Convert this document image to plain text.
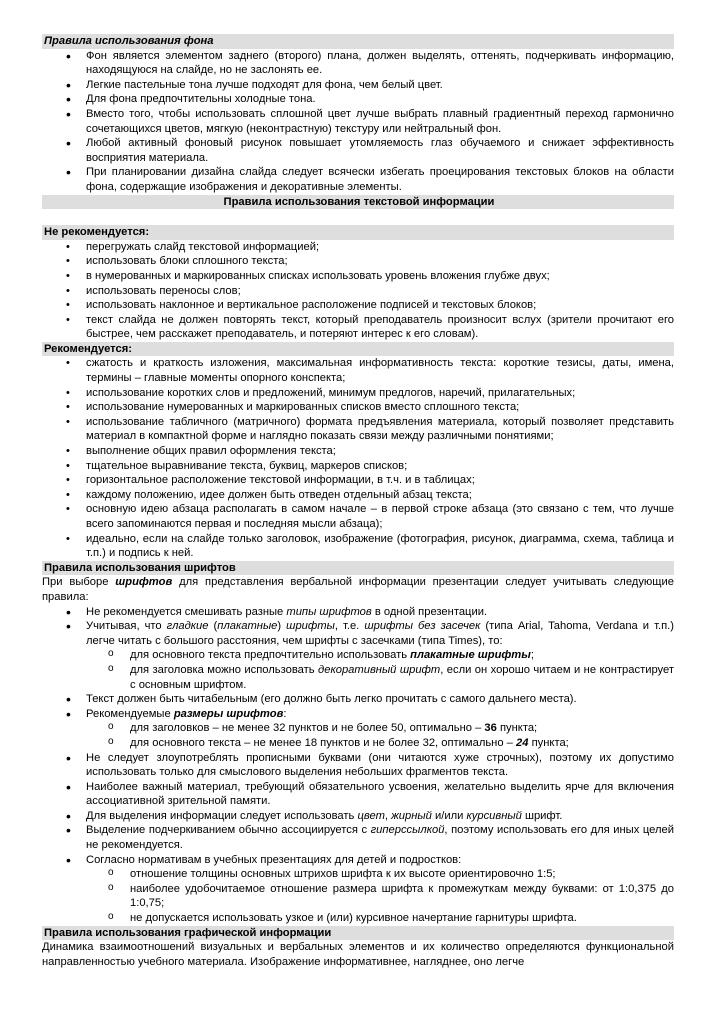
Правила использования фона
• Фон является элементом заднего (второго) плана, должен выделять, оттенять, подчеркивать информацию, находящуюся на слайде, но не заслонять ее.
• Легкие пастельные тона лучше подходят для фона, чем белый цвет.
• Для фона предпочтительны холодные тона.
• Вместо того, чтобы использовать сплошной цвет лучше выбрать плавный градиентный переход гармонично сочетающихся цветов, мягкую (неконтрастную) текстуру или нейтральный фон.
• Любой активный фоновый рисунок повышает утомляемость глаз обучаемого и снижает эффективность восприятия материала.
• При планировании дизайна слайда следует всячески избегать проецирования текстовых блоков на области фона, содержащие изображения и декоративные элементы.
Правила использования текстовой информации
Не рекомендуется:
• перегружать слайд текстовой информацией;
• использовать блоки сплошного текста;
• в нумерованных и маркированных списках использовать уровень вложения глубже двух;
• использовать переносы слов;
• использовать наклонное и вертикальное расположение подписей и текстовых блоков;
• текст слайда не должен повторять текст, который преподаватель произносит вслух (зрители прочитают его быстрее, чем расскажет преподаватель, и потеряют интерес к его словам).
Рекомендуется:
• сжатость и краткость изложения, максимальная информативность текста: короткие тезисы, даты, имена, термины – главные моменты опорного конспекта;
• использование коротких слов и предложений, минимум предлогов, наречий, прилагательных;
• использование нумерованных и маркированных списков вместо сплошного текста;
• использование табличного (матричного) формата предъявления материала, который позволяет представить материал в компактной форме и наглядно показать связи между различными понятиями;
• выполнение общих правил оформления текста;
• тщательное выравнивание текста, буквиц, маркеров списков;
• горизонтальное расположение текстовой информации, в т.ч. и в таблицах;
• каждому положению, идее должен быть отведен отдельный абзац текста;
• основную идею абзаца располагать в самом начале – в первой строке абзаца (это связано с тем, что лучше всего запоминаются первая и последняя мысли абзаца);
• идеально, если на слайде только заголовок, изображение (фотография, рисунок, диаграмма, схема, таблица и т.п.) и подпись к ней.
Правила использования шрифтов

При выборе шрифтов для представления вербальной информации презентации следует учитывать следующие правила:

• Не рекомендуется смешивать разные типы шрифтов в одной презентации.
• Учитывая, что гладкие (плакатные) шрифты, т.е. шрифты без засечек (типа Arial, Tahoma, Verdana и т.п.) легче читать с большого расстояния, чем шрифты с засечками (типа Times), то:
o для основного текста предпочтительно использовать плакатные шрифты;
o для заголовка можно использовать декоративный шрифт, если он хорошо читаем и не контрастирует с основным шрифтом.
• Текст должен быть читабельным (его должно быть легко прочитать с самого дальнего места).
• Рекомендуемые размеры шрифтов:
o для заголовков – не менее 32 пунктов и не более 50, оптимально – 36 пункта;
o для основного текста – не менее 18 пунктов и не более 32, оптимально – 24 пункта;
• Не следует злоупотреблять прописными буквами (они читаются хуже строчных), поэтому их допустимо использовать только для смыслового выделения небольших фрагментов текста.
• Наиболее важный материал, требующий обязательного усвоения, желательно выделить ярче для включения ассоциативной зрительной памяти.
• Для выделения информации следует использовать цвет, жирный и/или курсивный шрифт.
• Выделение подчеркиванием обычно ассоциируется с гиперссылкой, поэтому использовать его для иных целей не рекомендуется.
• Согласно нормативам в учебных презентациях для детей и подростков:
o отношение толщины основных штрихов шрифта к их высоте ориентировочно 1:5;
o наиболее удобочитаемое отношение размера шрифта к промежуткам между буквами: от 1:0,375 до 1:0,75;
o не допускается использовать узкое и (или) курсивное начертание гарнитуры шрифта.
Правила использования графической информации

Динамика взаимоотношений визуальных и вербальных элементов и их количество определяются функциональной направленностью учебного материала. Изображение информативнее, нагляднее, оно легче
